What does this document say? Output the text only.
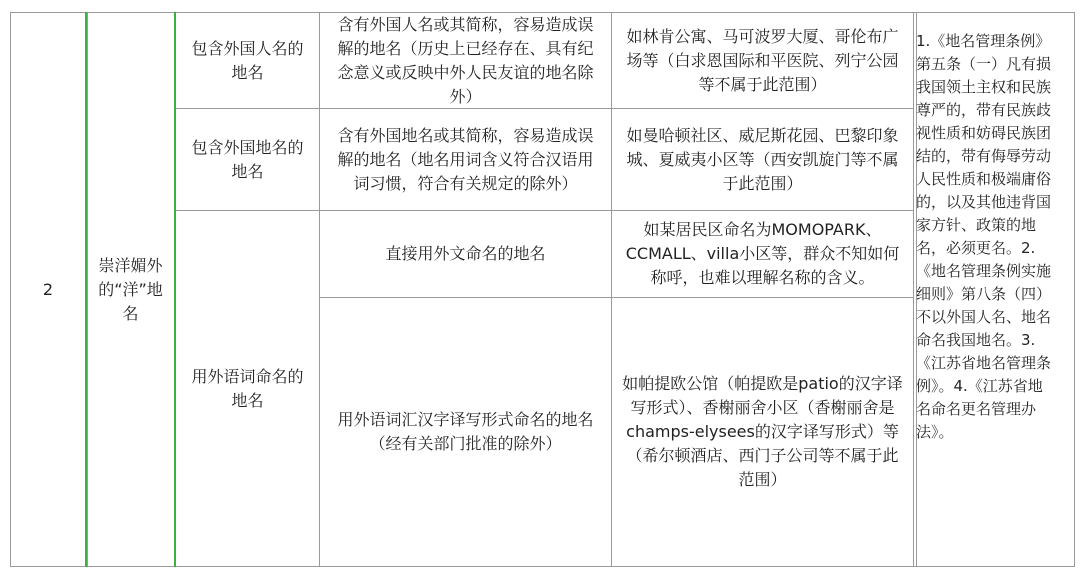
2
崇洋媚外的“洋”地名
包含外国人名的地名
含有外国人名或其简称，容易造成误解的地名（历史上已经存在、具有纪念意义或反映中外人民友谊的地名除外）
如林肯公寓、马可波罗大厦、哥伦布广场等（白求恩国际和平医院、列宁公园等不属于此范围）
包含外国地名的地名
含有外国地名或其简称，容易造成误解的地名（地名用词含义符合汉语用词习惯，符合有关规定的除外）
如曼哈顿社区、威尼斯花园、巴黎印象城、夏威夷小区等（西安凯旋门等不属于此范围）
用外语词命名的地名
直接用外文命名的地名
如某居民区命名为MOMOPARK、CCMALL、villa小区等，群众不知如何称呼，也难以理解名称的含义。
用外语词汇汉字译写形式命名的地名（经有关部门批准的除外）
如帕提欧公馆（帕提欧是patio的汉字译写形式）、香榭丽舍小区（香榭丽舍是champs-elysees的汉字译写形式）等（希尔顿酒店、西门子公司等不属于此范围）
1.《地名管理条例》第五条（一）凡有损我国领土主权和民族尊严的，带有民族歧视性质和妨碍民族团结的，带有侮辱劳动人民性质和极端庸俗的，以及其他违背国家方针、政策的地名，必须更名。2.《地名管理条例实施细则》第八条（四）不以外国人名、地名命名我国地名。3.《江苏省地名管理条例》。4.《江苏省地名命名更名管理办法》。
